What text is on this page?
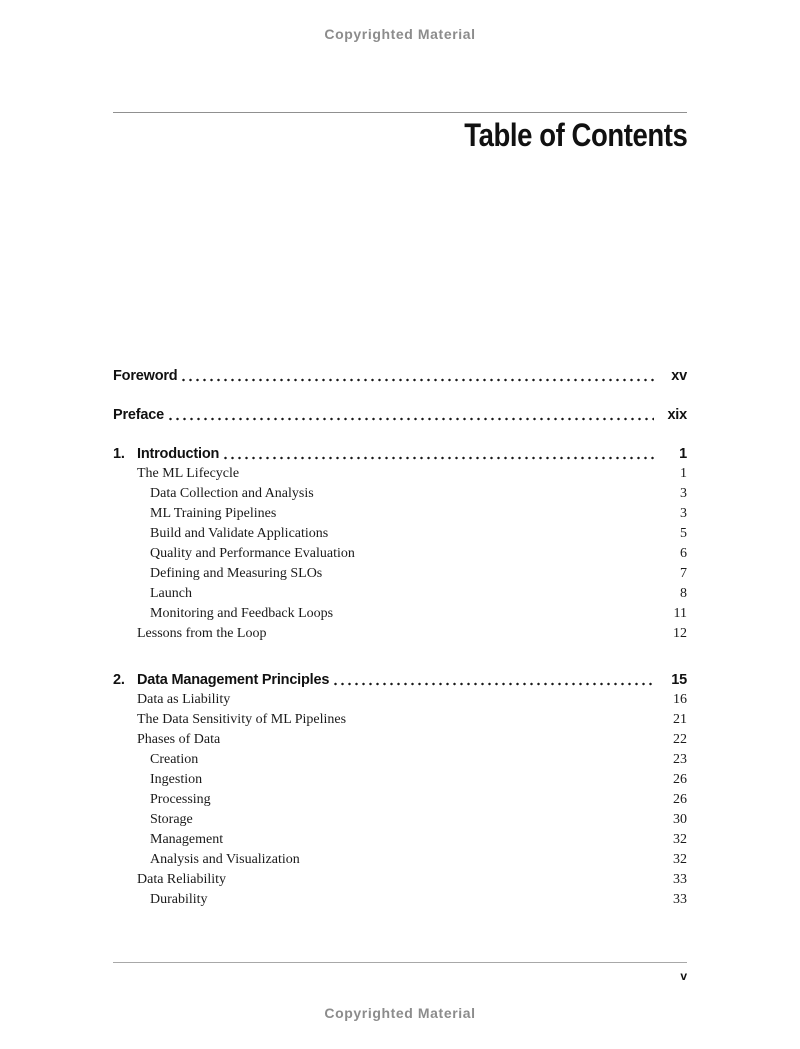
Copyrighted Material
Table of Contents
Foreword	xv
Preface	xix
1. Introduction	1
The ML Lifecycle	1
Data Collection and Analysis	3
ML Training Pipelines	3
Build and Validate Applications	5
Quality and Performance Evaluation	6
Defining and Measuring SLOs	7
Launch	8
Monitoring and Feedback Loops	11
Lessons from the Loop	12
2. Data Management Principles	15
Data as Liability	16
The Data Sensitivity of ML Pipelines	21
Phases of Data	22
Creation	23
Ingestion	26
Processing	26
Storage	30
Management	32
Analysis and Visualization	32
Data Reliability	33
Durability	33
v
Copyrighted Material
